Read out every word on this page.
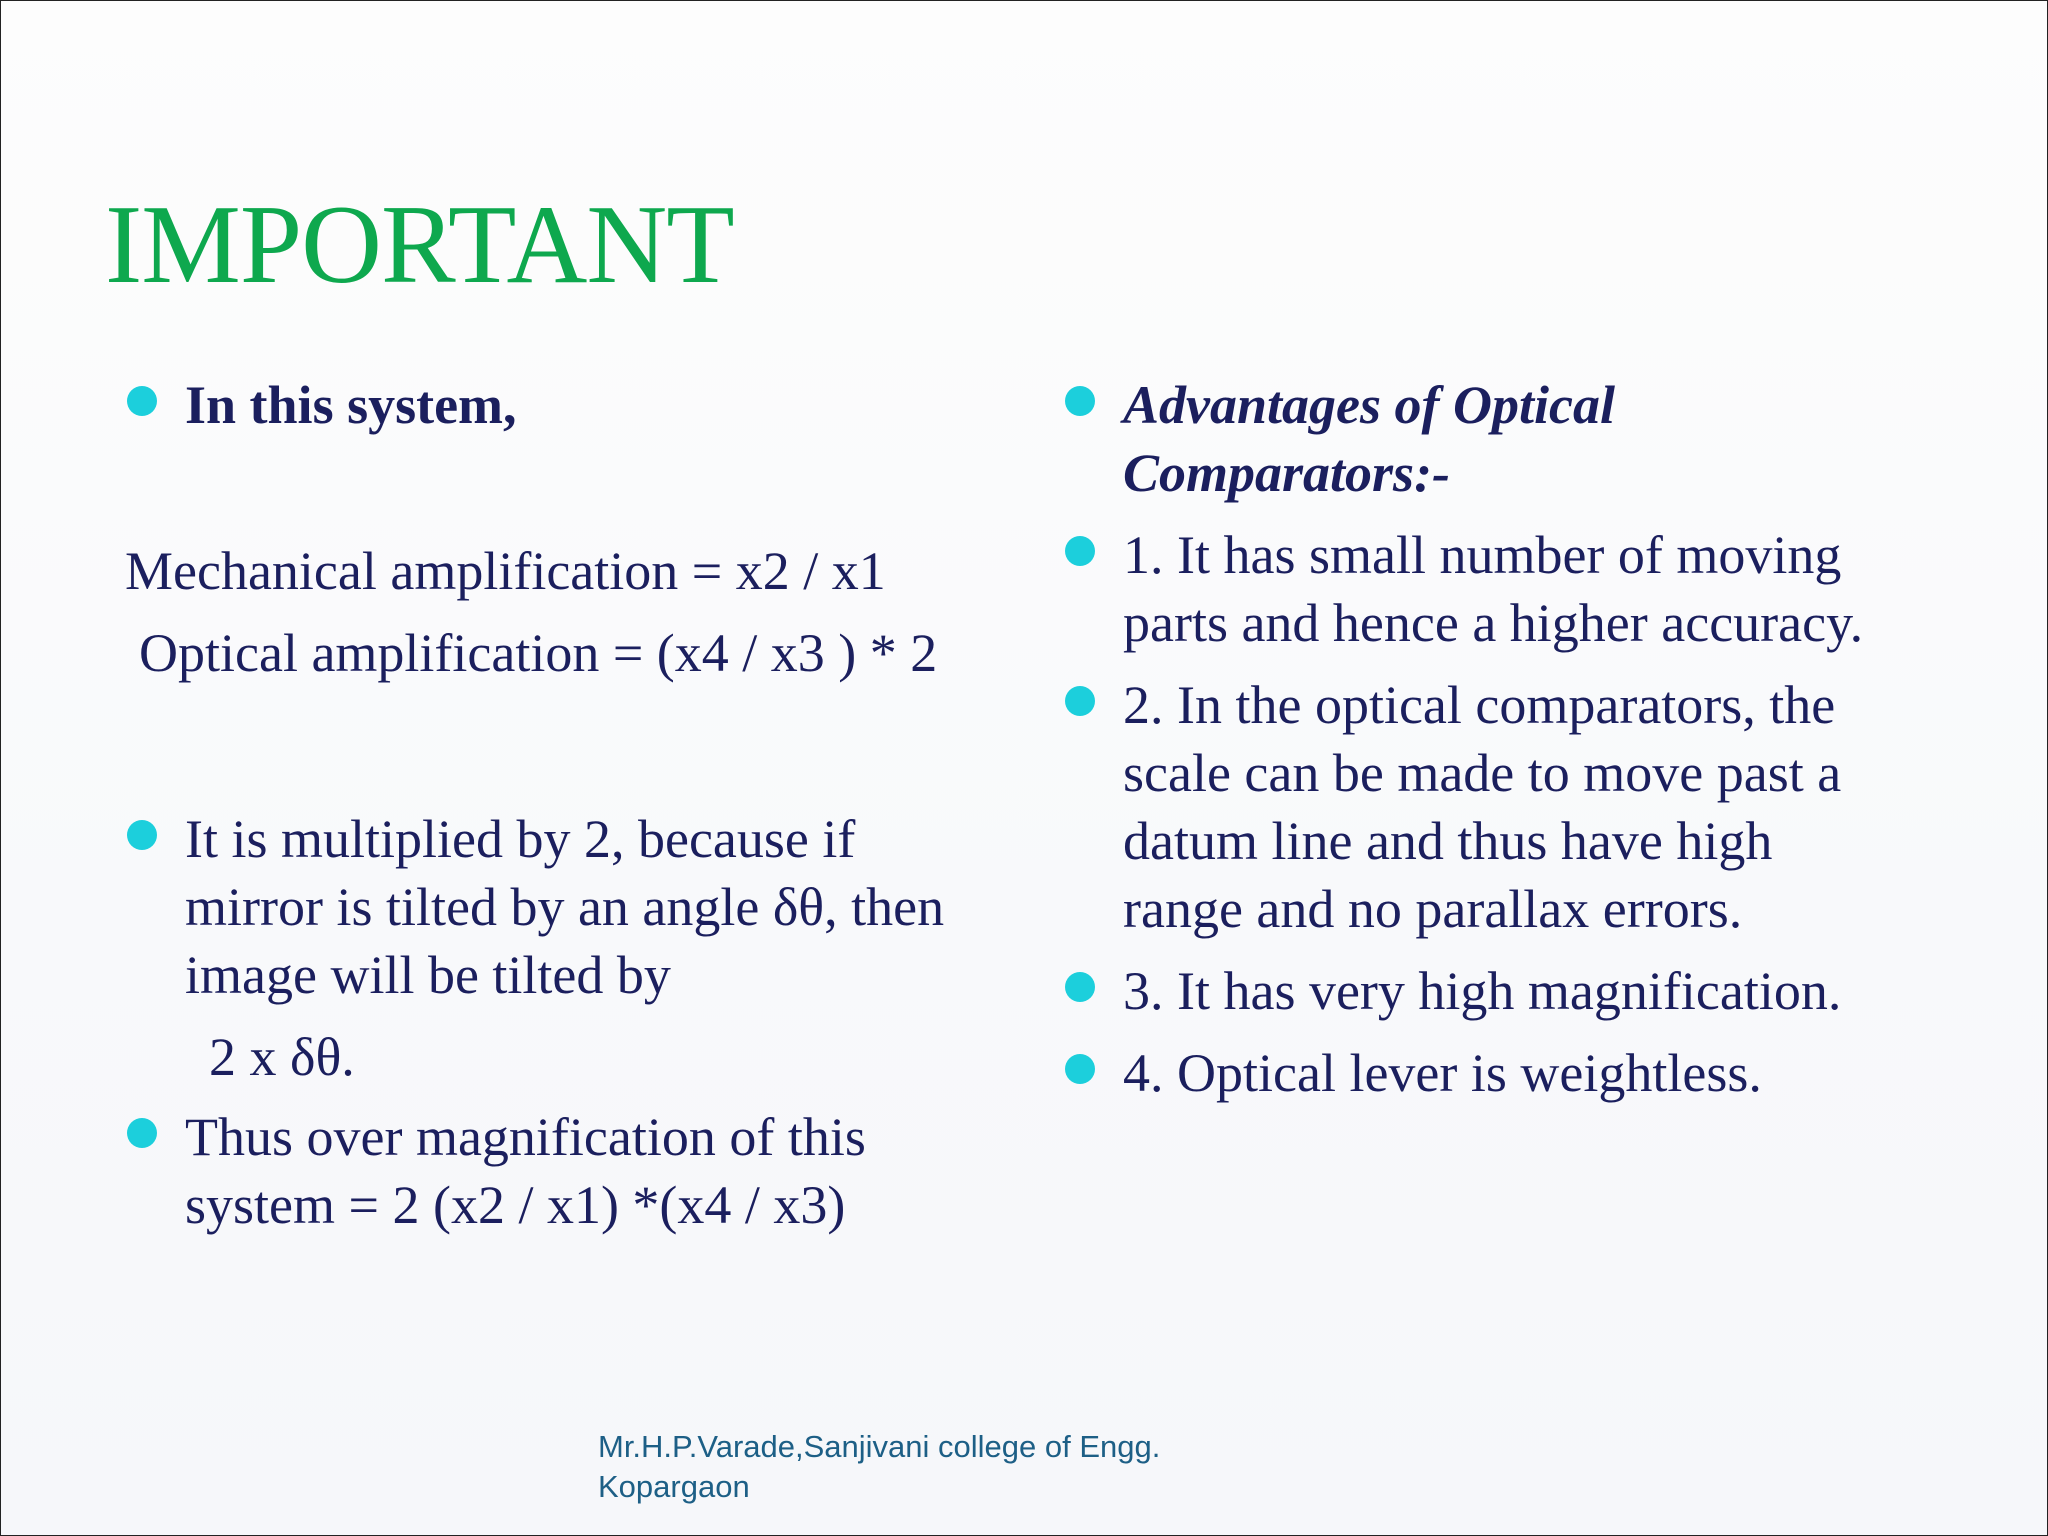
IMPORTANT
In this system,
Mechanical amplification = x2 / x1
Optical amplification = (x4 / x3 ) * 2
It is multiplied by 2, because if
mirror is tilted by an angle δθ, then
image will be tilted by
2 x δθ.
Thus over magnification of this
system = 2 (x2 / x1) *(x4 / x3)
Advantages of Optical
Comparators:-
1. It has small number of moving
parts and hence a higher accuracy.
2. In the optical comparators, the
scale can be made to move past a
datum line and thus have high
range and no parallax errors.
3. It has very high magnification.
4. Optical lever is weightless.
Mr.H.P.Varade,Sanjivani college of Engg.
Kopargaon
